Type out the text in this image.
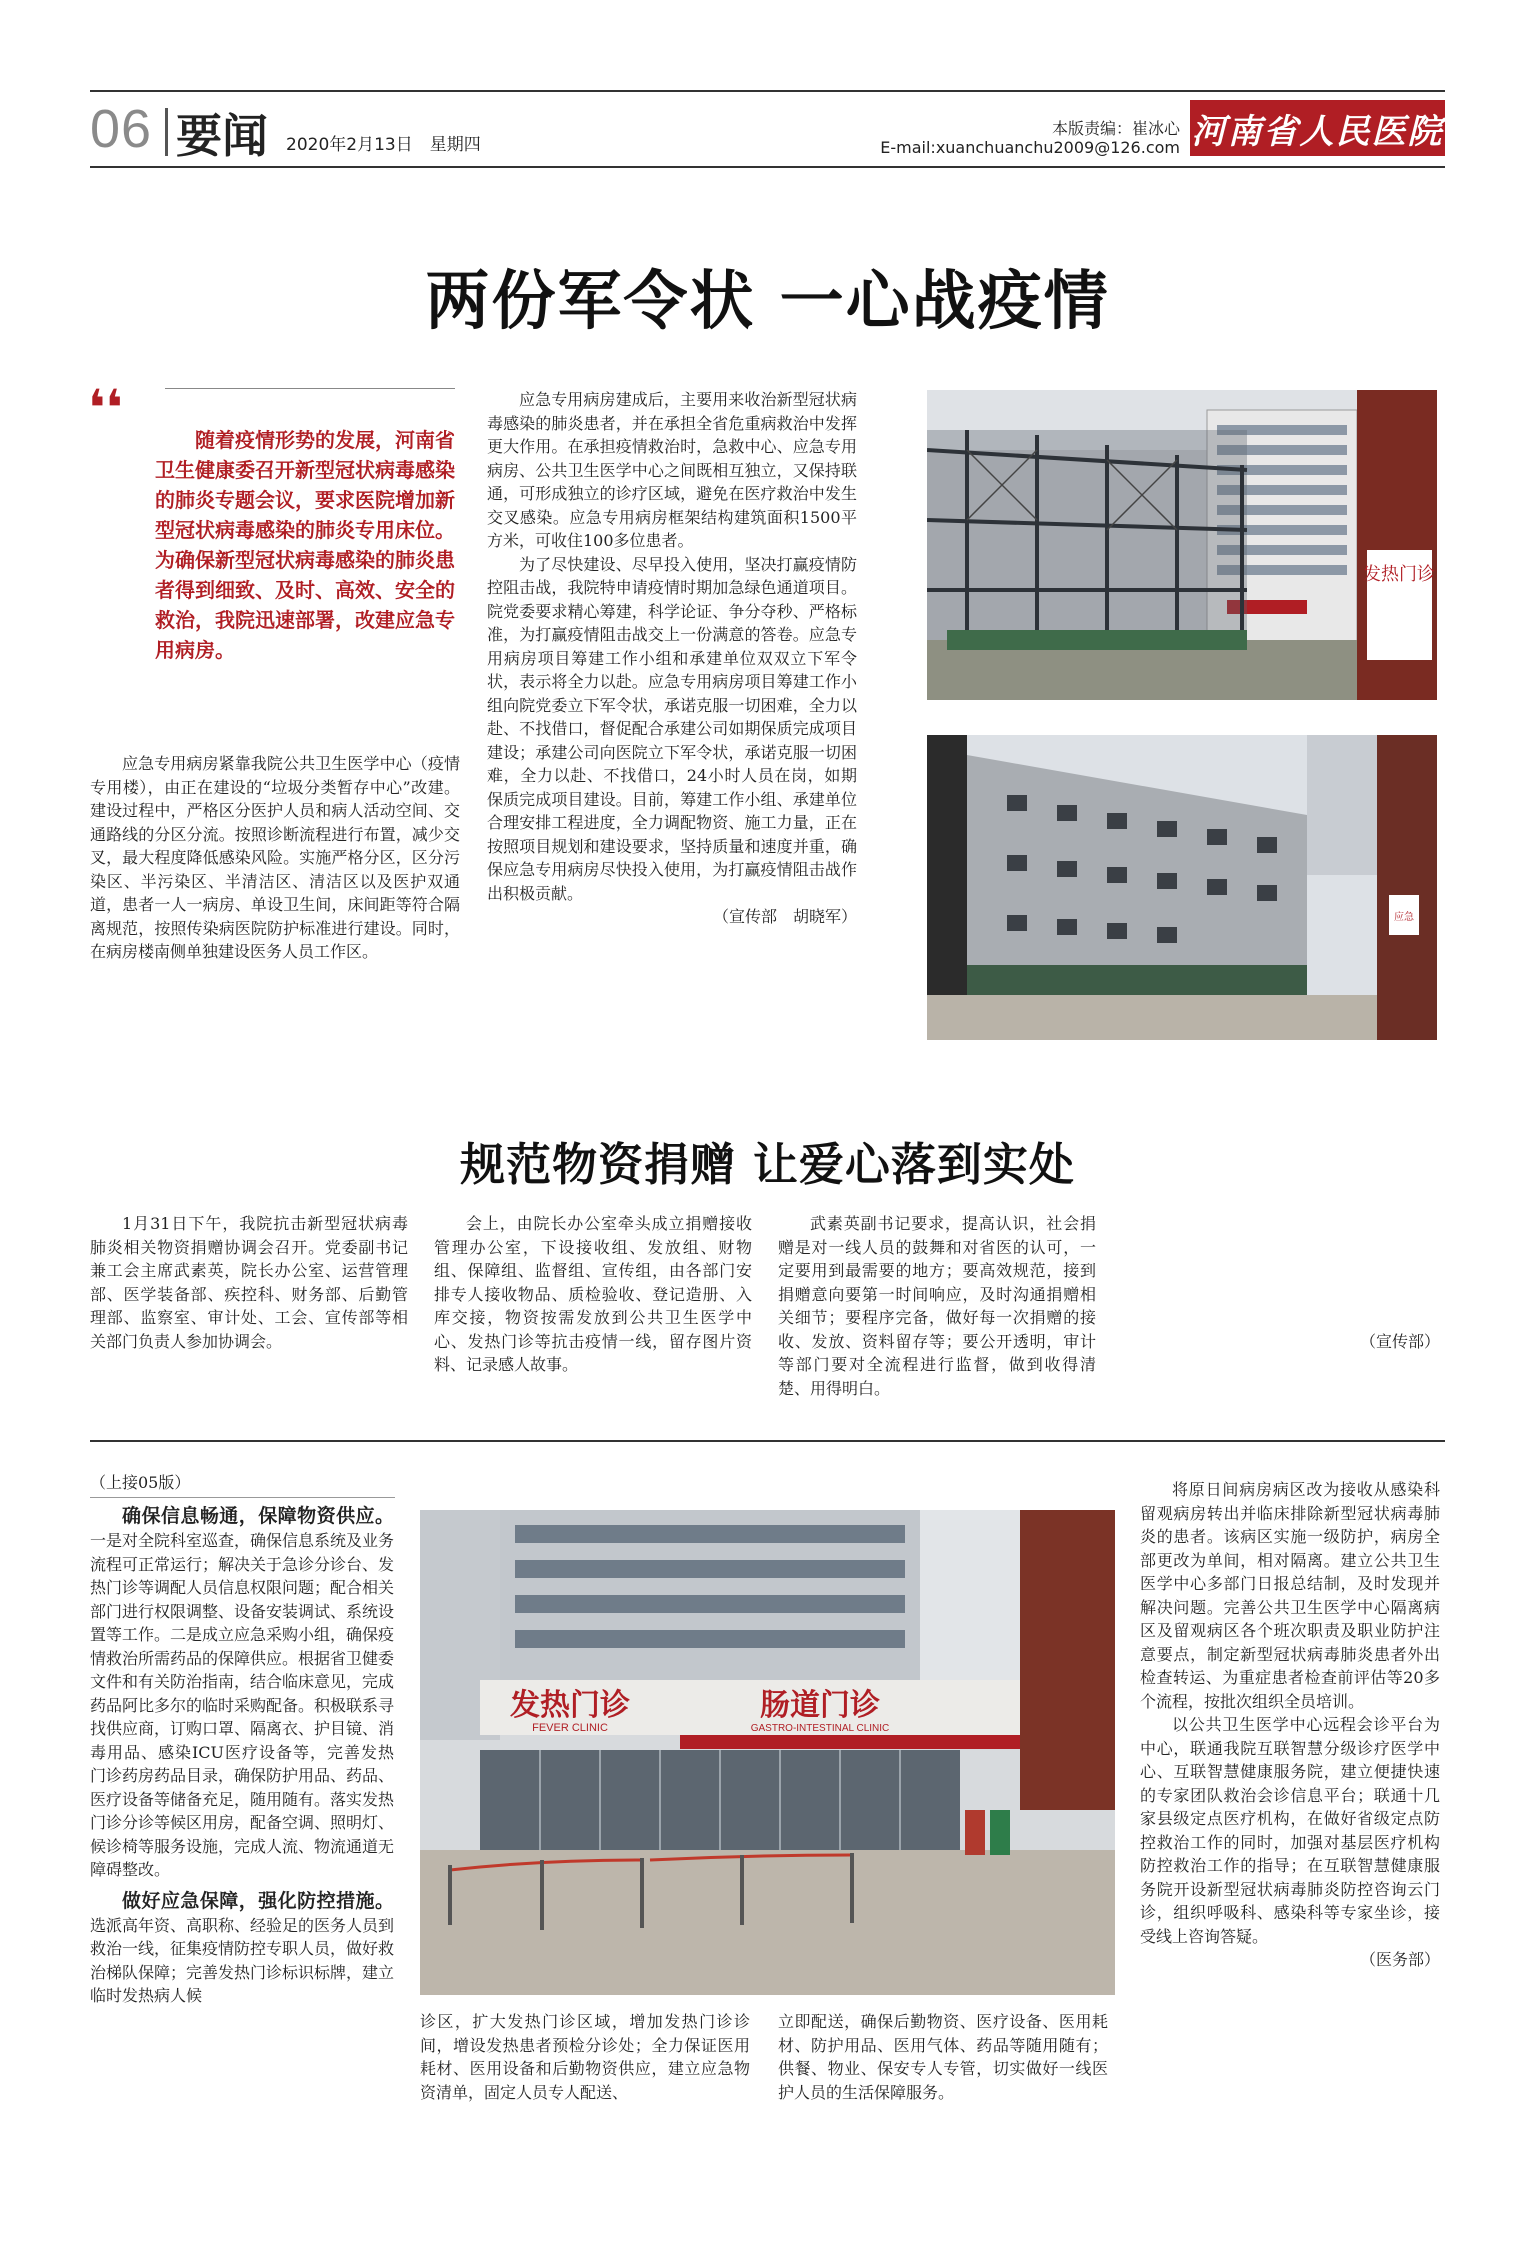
06 要闻 2020年2月13日　星期四
本版责编：崔冰心
E-mail:xuanchuanchu2009@126.com 河南省人民医院
两份军令状 一心战疫情
❛❛
随着疫情形势的发展，河南省卫生健康委召开新型冠状病毒感染的肺炎专题会议，要求医院增加新型冠状病毒感染的肺炎专用床位。为确保新型冠状病毒感染的肺炎患者得到细致、及时、高效、安全的救治，我院迅速部署，改建应急专用病房。

应急专用病房紧靠我院公共卫生医学中心（疫情专用楼），由正在建设的“垃圾分类暂存中心”改建。建设过程中，严格区分医护人员和病人活动空间、交通路线的分区分流。按照诊断流程进行布置，减少交叉，最大程度降低感染风险。实施严格分区，区分污染区、半污染区、半清洁区、清洁区以及医护双通道，患者一人一病房、单设卫生间，床间距等符合隔离规范，按照传染病医院防护标准进行建设。同时，在病房楼南侧单独建设医务人员工作区。

应急专用病房建成后，主要用来收治新型冠状病毒感染的肺炎患者，并在承担全省危重病救治中发挥更大作用。在承担疫情救治时，急救中心、应急专用病房、公共卫生医学中心之间既相互独立，又保持联通，可形成独立的诊疗区域，避免在医疗救治中发生交叉感染。应急专用病房框架结构建筑面积1500平方米，可收住100多位患者。

为了尽快建设、尽早投入使用，坚决打赢疫情防控阻击战，我院特申请疫情时期加急绿色通道项目。院党委要求精心筹建，科学论证、争分夺秒、严格标准，为打赢疫情阻击战交上一份满意的答卷。应急专用病房项目筹建工作小组和承建单位双双立下军令状，表示将全力以赴。应急专用病房项目筹建工作小组向院党委立下军令状，承诺克服一切困难，全力以赴、不找借口，督促配合承建公司如期保质完成项目建设；承建公司向医院立下军令状，承诺克服一切困难，全力以赴、不找借口，24小时人员在岗，如期保质完成项目建设。目前，筹建工作小组、承建单位合理安排工程进度，全力调配物资、施工力量，正在按照项目规划和建设要求，坚持质量和速度并重，确保应急专用病房尽快投入使用，为打赢疫情阻击战作出积极贡献。

（宣传部　胡晓军）

发热门诊
应急
规范物资捐赠 让爱心落到实处

1月31日下午，我院抗击新型冠状病毒肺炎相关物资捐赠协调会召开。党委副书记兼工会主席武素英，院长办公室、运营管理部、医学装备部、疾控科、财务部、后勤管理部、监察室、审计处、工会、宣传部等相关部门负责人参加协调会。

会上，由院长办公室牵头成立捐赠接收管理办公室，下设接收组、发放组、财物组、保障组、监督组、宣传组，由各部门安排专人接收物品、质检验收、登记造册、入库交接，物资按需发放到公共卫生医学中心、发热门诊等抗击疫情一线，留存图片资料、记录感人故事。

武素英副书记要求，提高认识，社会捐赠是对一线人员的鼓舞和对省医的认可，一定要用到最需要的地方；要高效规范，接到捐赠意向要第一时间响应，及时沟通捐赠相关细节；要程序完备，做好每一次捐赠的接收、发放、资料留存等；要公开透明，审计等部门要对全流程进行监督，做到收得清楚、用得明白。

（宣传部）

（上接05版）

确保信息畅通，保障物资供应。一是对全院科室巡查，确保信息系统及业务流程可正常运行；解决关于急诊分诊台、发热门诊等调配人员信息权限问题；配合相关部门进行权限调整、设备安装调试、系统设置等工作。二是成立应急采购小组，确保疫情救治所需药品的保障供应。根据省卫健委文件和有关防治指南，结合临床意见，完成药品阿比多尔的临时采购配备。积极联系寻找供应商，订购口罩、隔离衣、护目镜、消毒用品、感染ICU医疗设备等，完善发热门诊药房药品目录，确保防护用品、药品、医疗设备等储备充足，随用随有。落实发热门诊分诊等候区用房，配备空调、照明灯、候诊椅等服务设施，完成人流、物流通道无障碍整改。

做好应急保障，强化防控措施。选派高年资、高职称、经验足的医务人员到救治一线，征集疫情防控专职人员，做好救治梯队保障；完善发热门诊标识标牌，建立临时发热病人候

发热门诊
FEVER CLINIC
肠道门诊
GASTRO-INTESTINAL CLINIC

诊区，扩大发热门诊区域，增加发热门诊诊间，增设发热患者预检分诊处；全力保证医用耗材、医用设备和后勤物资供应，建立应急物资清单，固定人员专人配送、

立即配送，确保后勤物资、医疗设备、医用耗材、防护用品、医用气体、药品等随用随有；供餐、物业、保安专人专管，切实做好一线医护人员的生活保障服务。

将原日间病房病区改为接收从感染科留观病房转出并临床排除新型冠状病毒肺炎的患者。该病区实施一级防护，病房全部更改为单间，相对隔离。建立公共卫生医学中心多部门日报总结制，及时发现并解决问题。完善公共卫生医学中心隔离病区及留观病区各个班次职责及职业防护注意要点，制定新型冠状病毒肺炎患者外出检查转运、为重症患者检查前评估等20多个流程，按批次组织全员培训。

以公共卫生医学中心远程会诊平台为中心，联通我院互联智慧分级诊疗医学中心、互联智慧健康服务院，建立便捷快速的专家团队救治会诊信息平台；联通十几家县级定点医疗机构，在做好省级定点防控救治工作的同时，加强对基层医疗机构防控救治工作的指导；在互联智慧健康服务院开设新型冠状病毒肺炎防控咨询云门诊，组织呼吸科、感染科等专家坐诊，接受线上咨询答疑。

（医务部）
